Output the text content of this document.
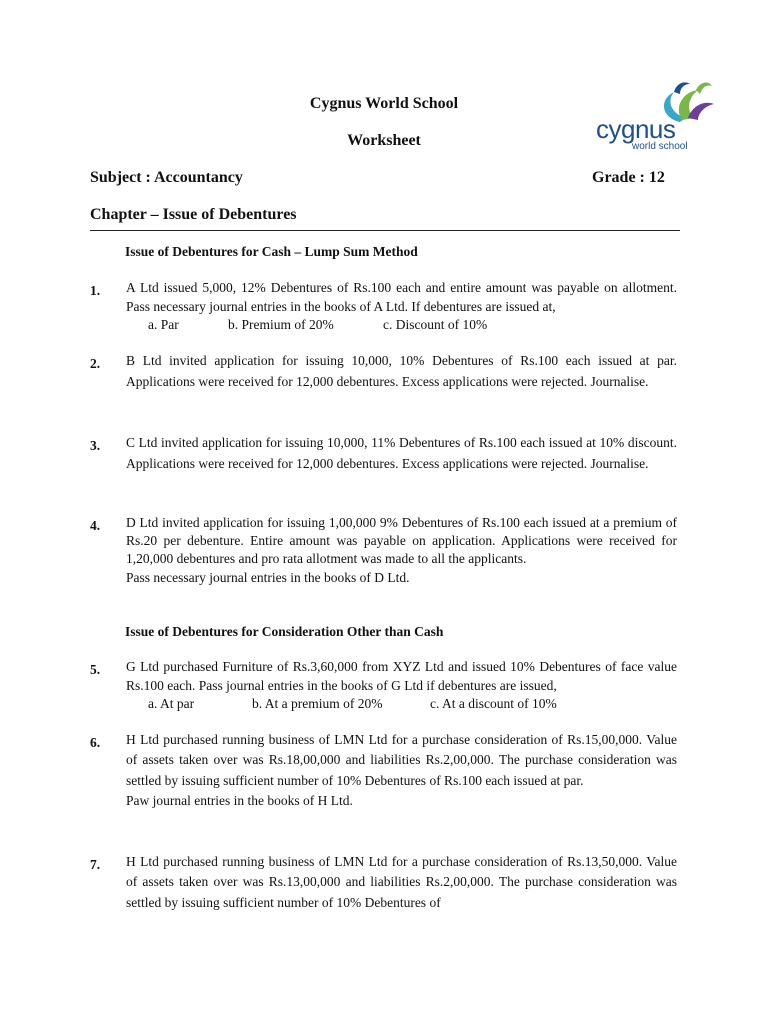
Cygnus World School
Worksheet	cygnus
world school
Subject : Accountancy	Grade : 12
Chapter – Issue of Debentures
Issue of Debentures for Cash – Lump Sum Method
1.	A Ltd issued 5,000, 12% Debentures of Rs.100 each and entire amount was payable on allotment. Pass necessary journal entries in the books of A Ltd. If debentures are issued at,

a. Par	b. Premium of 20%	c. Discount of 10%
2.	B Ltd invited application for issuing 10,000, 10% Debentures of Rs.100 each issued at par. Applications were received for 12,000 debentures. Excess applications were rejected. Journalise.

3.	C Ltd invited application for issuing 10,000, 11% Debentures of Rs.100 each issued at 10% discount. Applications were received for 12,000 debentures. Excess applications were rejected. Journalise.

4.	D Ltd invited application for issuing 1,00,000 9% Debentures of Rs.100 each issued at a premium of Rs.20 per debenture. Entire amount was payable on application. Applications were received for 1,20,000 debentures and pro rata allotment was made to all the applicants.

Pass necessary journal entries in the books of D Ltd.

Issue of Debentures for Consideration Other than Cash
5.	G Ltd purchased Furniture of Rs.3,60,000 from XYZ Ltd and issued 10% Debentures of face value Rs.100 each. Pass journal entries in the books of G Ltd if debentures are issued,

a. At par	b. At a premium of 20%	c. At a discount of 10%
6.	H Ltd purchased running business of LMN Ltd for a purchase consideration of Rs.15,00,000. Value of assets taken over was Rs.18,00,000 and liabilities Rs.2,00,000. The purchase consideration was settled by issuing sufficient number of 10% Debentures of Rs.100 each issued at par.

Paw journal entries in the books of H Ltd.

7.	H Ltd purchased running business of LMN Ltd for a purchase consideration of Rs.13,50,000. Value of assets taken over was Rs.13,00,000 and liabilities Rs.2,00,000. The purchase consideration was settled by issuing sufficient number of 10% Debentures of
